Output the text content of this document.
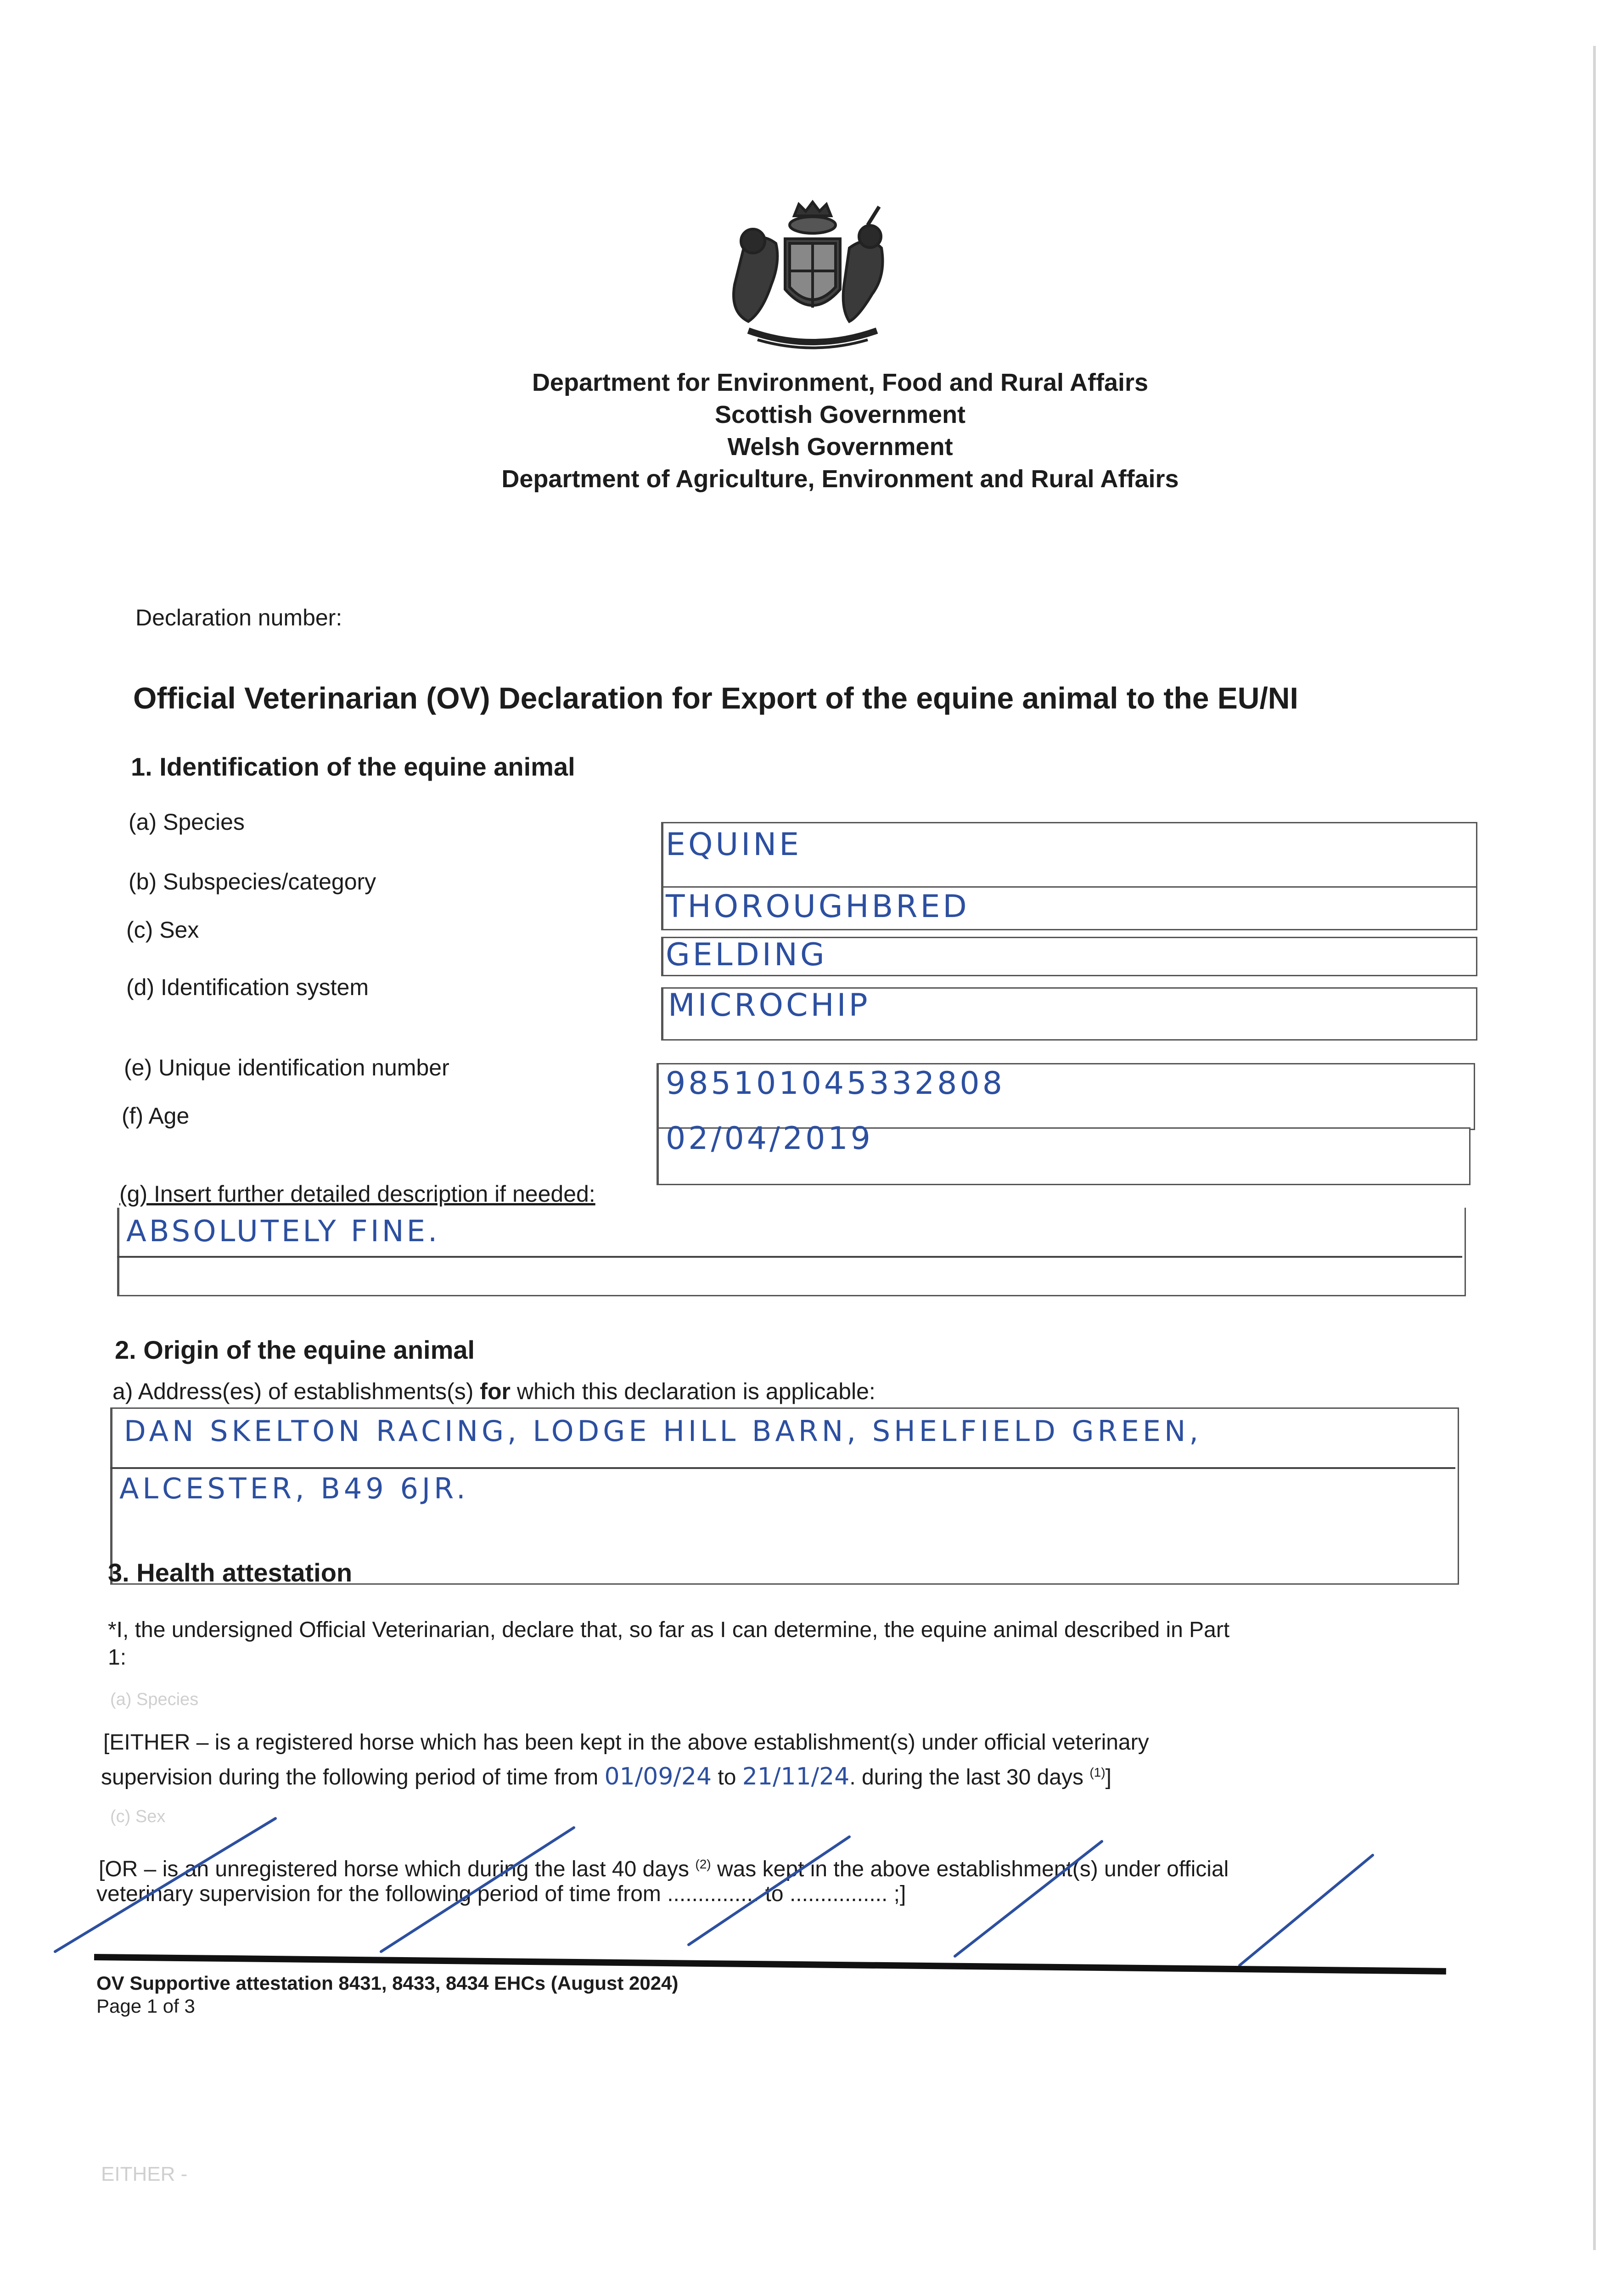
Department for Environment, Food and Rural Affairs
Scottish Government
Welsh Government
Department of Agriculture, Environment and Rural Affairs
Declaration number:
Official Veterinarian (OV) Declaration for Export of the equine animal to the EU/NI
1. Identification of the equine animal
(a) Species
(b) Subspecies/category
(c) Sex
(d) Identification system
(e) Unique identification number
(f) Age
EQUINE
THOROUGHBRED
GELDING
MICROCHIP
985101045332808
02/04/2019
(g) Insert further detailed description if needed:
ABSOLUTELY FINE.
2. Origin of the equine animal
a) Address(es) of establishments(s) for which this declaration is applicable:
DAN SKELTON RACING, LODGE HILL BARN, SHELFIELD GREEN,
ALCESTER, B49 6JR.
3. Health attestation
*I, the undersigned Official Veterinarian, declare that, so far as I can determine, the equine animal described in Part
1:
(a) Species
[EITHER – is a registered horse which has been kept in the above establishment(s) under official veterinary
supervision during the following period of time from 01/09/24 to 21/11/24. during the last 30 days $^{(1)}$]
(c) Sex
[OR – is an unregistered horse which during the last 40 days $^{(2)}$ was kept in the above establishment(s) under official
veterinary supervision for the following period of time from ............... to ................ ;]
OV Supportive attestation 8431, 8433, 8434 EHCs (August 2024)
Page 1 of 3
EITHER -
